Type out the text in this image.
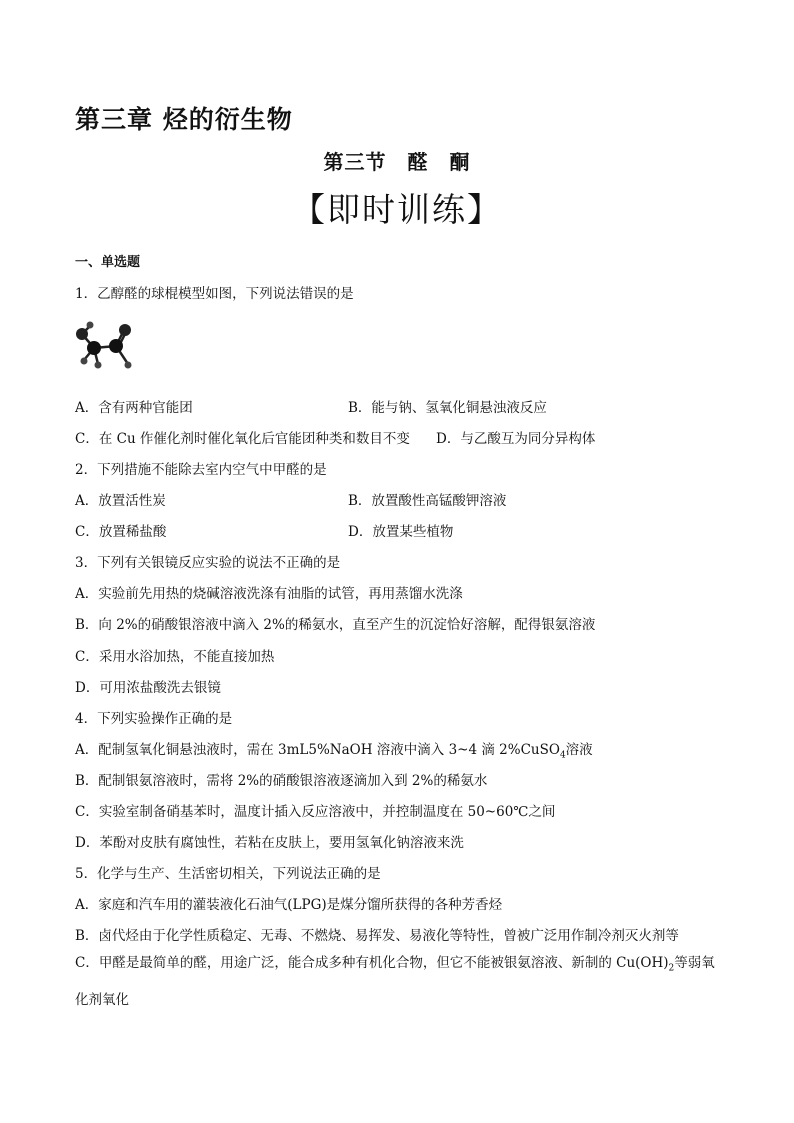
第三章 烃的衍生物
第三节　醛　酮
【即时训练】
一、单选题
1．乙醇醛的球棍模型如图，下列说法错误的是
A．含有两种官能团	B．能与钠、氢氧化铜悬浊液反应
C．在 Cu 作催化剂时催化氧化后官能团种类和数目不变 D．与乙酸互为同分异构体
2．下列措施不能除去室内空气中甲醛的是
A．放置活性炭	B．放置酸性高锰酸钾溶液
C．放置稀盐酸	D．放置某些植物
3．下列有关银镜反应实验的说法不正确的是
A．实验前先用热的烧碱溶液洗涤有油脂的试管，再用蒸馏水洗涤
B．向 2%的硝酸银溶液中滴入 2%的稀氨水，直至产生的沉淀恰好溶解，配得银氨溶液
C．采用水浴加热，不能直接加热
D．可用浓盐酸洗去银镜
4．下列实验操作正确的是
A．配制氢氧化铜悬浊液时，需在 3mL5%NaOH 溶液中滴入 3~4 滴 2%CuSO$_4$溶液
B．配制银氨溶液时，需将 2%的硝酸银溶液逐滴加入到 2%的稀氨水
C．实验室制备硝基苯时，温度计插入反应溶液中，并控制温度在 50~60℃之间
D．苯酚对皮肤有腐蚀性，若粘在皮肤上，要用氢氧化钠溶液来洗
5．化学与生产、生活密切相关，下列说法正确的是
A．家庭和汽车用的灌装液化石油气(LPG)是煤分馏所获得的各种芳香烃
B．卤代烃由于化学性质稳定、无毒、不燃烧、易挥发、易液化等特性，曾被广泛用作制冷剂灭火剂等
C．甲醛是最简单的醛，用途广泛，能合成多种有机化合物，但它不能被银氨溶液、新制的 $Cu(OH)_2$等弱氧化剂氧化
